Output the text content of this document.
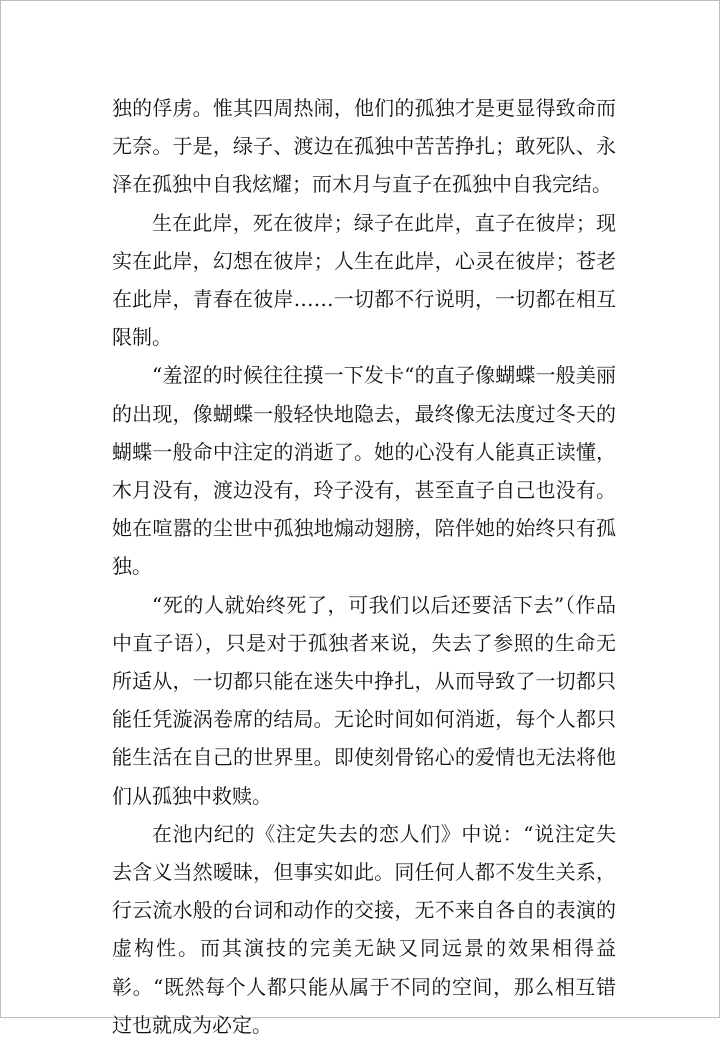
独的俘虏。惟其四周热闹，他们的孤独才是更显得致命而无奈。于是，绿子、渡边在孤独中苦苦挣扎；敢死队、永泽在孤独中自我炫耀；而木月与直子在孤独中自我完结。

生在此岸，死在彼岸；绿子在此岸，直子在彼岸；现实在此岸，幻想在彼岸；人生在此岸，心灵在彼岸；苍老在此岸，青春在彼岸……一切都不行说明，一切都在相互限制。

“羞涩的时候往往摸一下发卡“的直子像蝴蝶一般美丽的出现，像蝴蝶一般轻快地隐去，最终像无法度过冬天的蝴蝶一般命中注定的消逝了。她的心没有人能真正读懂，木月没有，渡边没有，玲子没有，甚至直子自己也没有。她在喧嚣的尘世中孤独地煽动翅膀，陪伴她的始终只有孤独。

“死的人就始终死了，可我们以后还要活下去”（作品中直子语），只是对于孤独者来说，失去了参照的生命无所适从，一切都只能在迷失中挣扎，从而导致了一切都只能任凭漩涡卷席的结局。无论时间如何消逝，每个人都只能生活在自己的世界里。即使刻骨铭心的爱情也无法将他们从孤独中救赎。

在池内纪的《注定失去的恋人们》中说：“说注定失去含义当然暧昧，但事实如此。同任何人都不发生关系，行云流水般的台词和动作的交接，无不来自各自的表演的虚构性。而其演技的完美无缺又同远景的效果相得益彰。“既然每个人都只能从属于不同的空间，那么相互错过也就成为必定。
